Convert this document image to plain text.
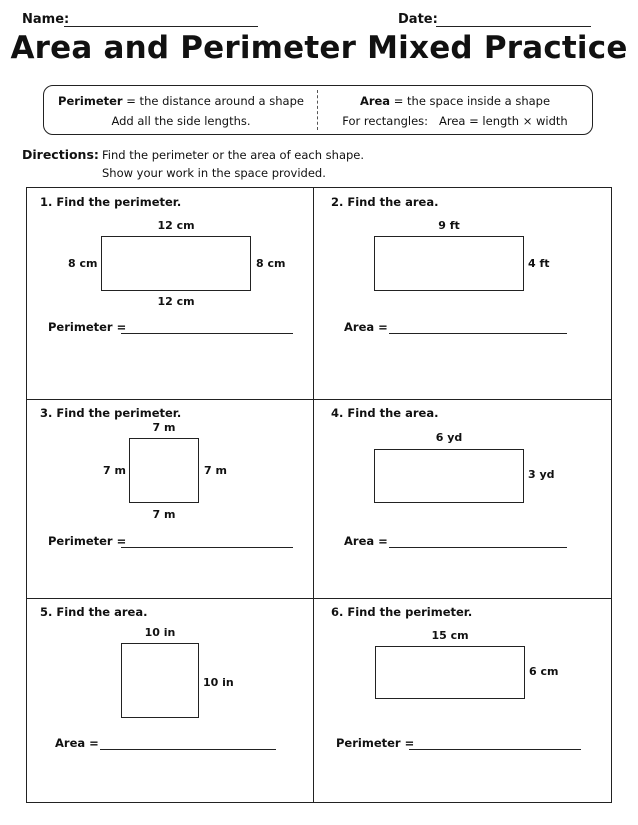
Name:	Date:
Area and Perimeter Mixed Practice
Perimeter = the distance around a shape
Add all the side lengths.
Area = the space inside a shape
For rectangles:   Area = length × width
Directions: Find the perimeter or the area of each shape.
Show your work in the space provided.
1. Find the perimeter.
12 cm
8 cm	8 cm
12 cm
Perimeter =
2. Find the area.
9 ft
4 ft
Area =
3. Find the perimeter.
7 m
7 m	7 m
7 m
Perimeter =
4. Find the area.
6 yd
3 yd
Area =
5. Find the area.
10 in
10 in
Area =
6. Find the perimeter.
15 cm
6 cm
Perimeter =
